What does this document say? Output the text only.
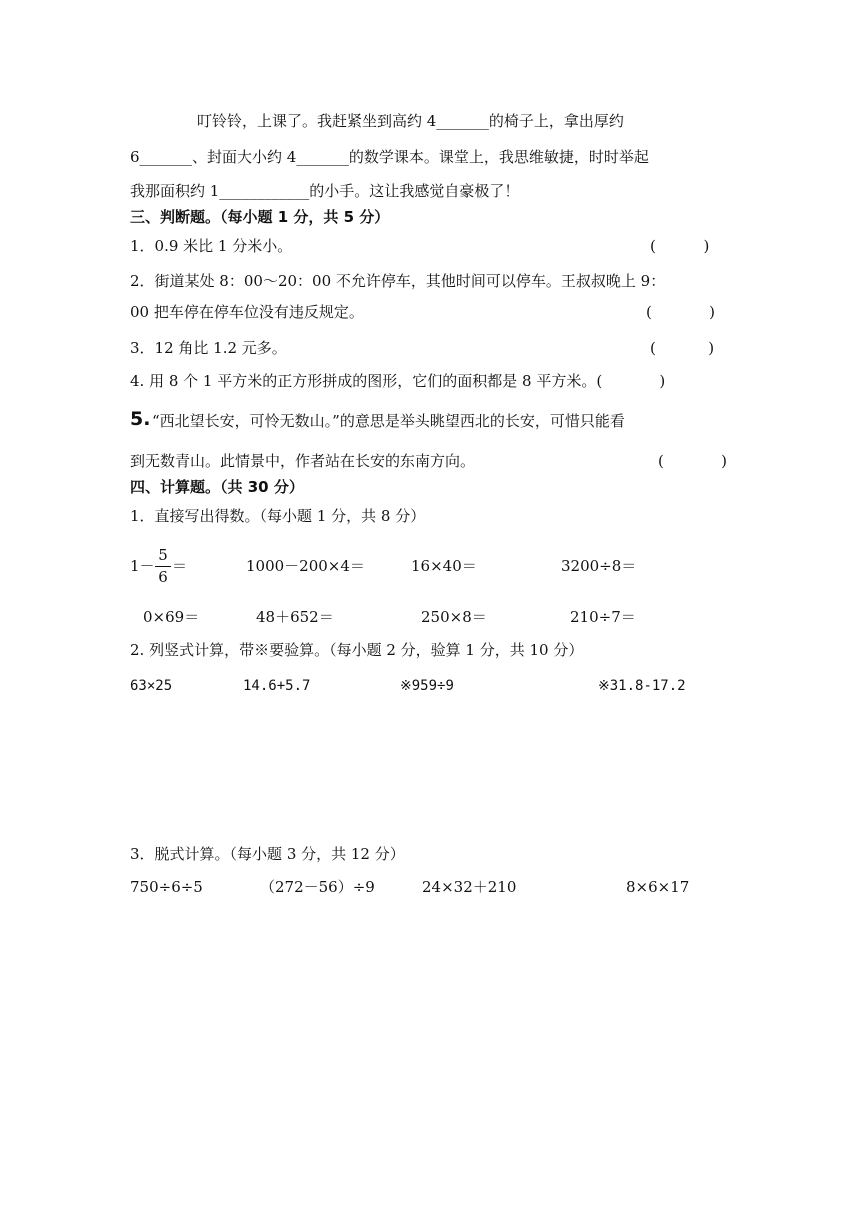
叮铃铃，上课了。我赶紧坐到高约 4_______的椅子上，拿出厚约
6_______、封面大小约 4_______的数学课本。课堂上，我思维敏捷，时时举起
我那面积约 1____________的小手。这让我感觉自豪极了！
三、判断题。（每小题 1 分，共 5 分）
1．0.9 米比 1 分米小。	(          )
2．街道某处 8：00～20：00 不允许停车，其他时间可以停车。王叔叔晚上 9：
00 把车停在停车位没有违反规定。	(            )
3．12 角比 1.2 元多。	(           )
4. 用 8 个 1 平方米的正方形拼成的图形，它们的面积都是 8 平方米。(            )
5. “西北望长安，可怜无数山。”的意思是举头眺望西北的长安，可惜只能看
到无数青山。此情景中，作者站在长安的东南方向。	(            )
四、计算题。（共 30 分）
1．直接写出得数。（每小题 1 分，共 8 分）
1－
5
6
＝	1000－200×4＝	16×40＝	3200÷8＝
0×69＝	48＋652＝	250×8＝	210÷7＝
2. 列竖式计算，带※要验算。（每小题 2 分，验算 1 分，共 10 分）
63×25	14.6+5.7	※959÷9	※31.8-17.2
3．脱式计算。（每小题 3 分，共 12 分）
750÷6÷5	（272－56）÷9	24×32＋210	8×6×17
